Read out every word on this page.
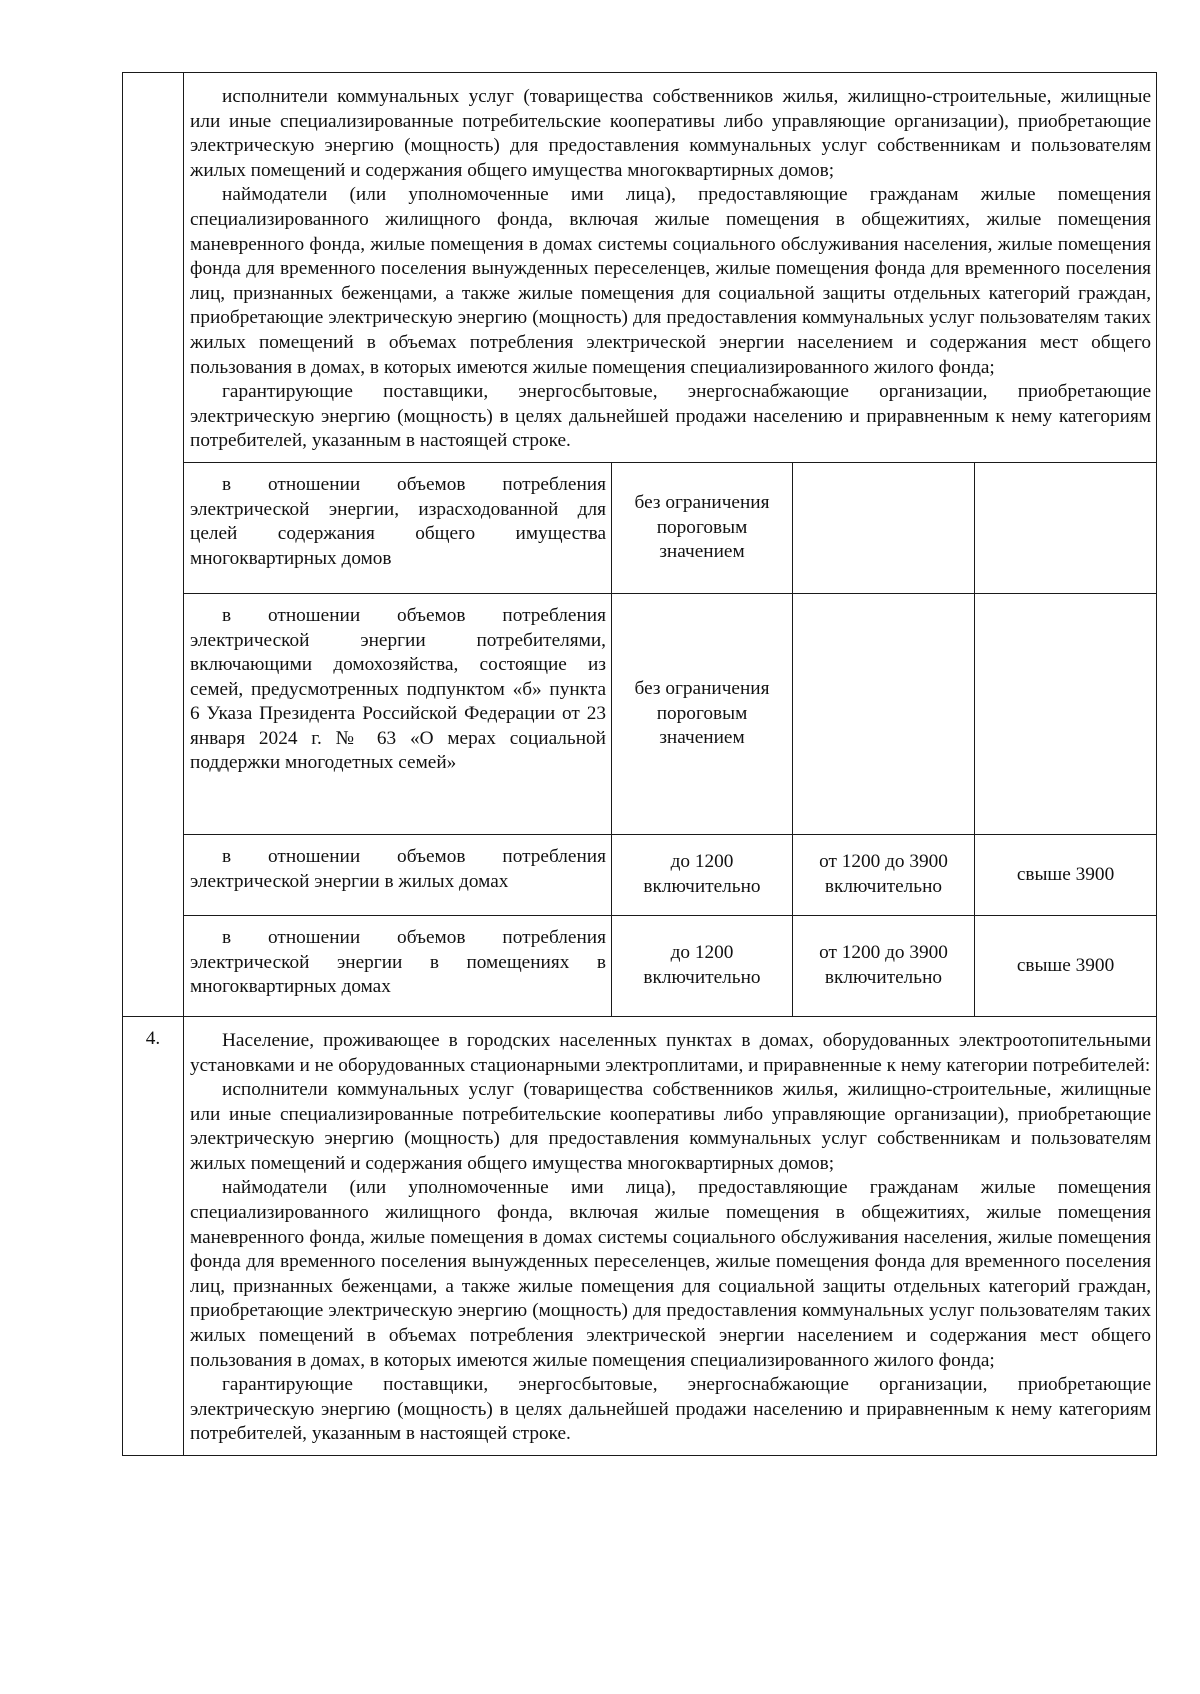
	исполнители коммунальных услуг (товарищества собственников жилья, жилищно-строительные, жилищные или иные специализированные потребительские кооперативы либо управляющие организации), приобретающие электрическую энергию (мощность) для предоставления коммунальных услуг собственникам и пользователям жилых помещений и содержания общего имущества многоквартирных домов;

наймодатели (или уполномоченные ими лица), предоставляющие гражданам жилые помещения специализированного жилищного фонда, включая жилые помещения в общежитиях, жилые помещения маневренного фонда, жилые помещения в домах системы социального обслуживания населения, жилые помещения фонда для временного поселения вынужденных переселенцев, жилые помещения фонда для временного поселения лиц, признанных беженцами, а также жилые помещения для социальной защиты отдельных категорий граждан, приобретающие электрическую энергию (мощность) для предоставления коммунальных услуг пользователям таких жилых помещений в объемах потребления электрической энергии населением и содержания мест общего пользования в домах, в которых имеются жилые помещения специализированного жилого фонда;

гарантирующие поставщики, энергосбытовые, энергоснабжающие организации, приобретающие электрическую энергию (мощность) в целях дальнейшей продажи населению и приравненным к нему категориям потребителей, указанным в настоящей строке.			

	в отношении объемов потребления электрической энергии, израсходованной для целей содержания общего имущества многоквартирных домов	без ограничения пороговым значением		

	в отношении объемов потребления электрической энергии потребителями, включающими домохозяйства, состоящие из семей, предусмотренных подпунктом «б» пункта 6 Указа Президента Российской Федерации от 23 января 2024 г. № 63 «О мерах социальной поддержки многодетных семей»	без ограничения пороговым значением		

	в отношении объемов потребления электрической энергии в жилых домах	до 1200 включительно	от 1200 до 3900 включительно	свыше 3900

	в отношении объемов потребления электрической энергии в помещениях в многоквартирных домах	до 1200 включительно	от 1200 до 3900 включительно	свыше 3900
4.	Население, проживающее в городских населенных пунктах в домах, оборудованных электроотопительными установками и не оборудованных стационарными электроплитами, и приравненные к нему категории потребителей:

исполнители коммунальных услуг (товарищества собственников жилья, жилищно-строительные, жилищные или иные специализированные потребительские кооперативы либо управляющие организации), приобретающие электрическую энергию (мощность) для предоставления коммунальных услуг собственникам и пользователям жилых помещений и содержания общего имущества многоквартирных домов;

наймодатели (или уполномоченные ими лица), предоставляющие гражданам жилые помещения специализированного жилищного фонда, включая жилые помещения в общежитиях, жилые помещения маневренного фонда, жилые помещения в домах системы социального обслуживания населения, жилые помещения фонда для временного поселения вынужденных переселенцев, жилые помещения фонда для временного поселения лиц, признанных беженцами, а также жилые помещения для социальной защиты отдельных категорий граждан, приобретающие электрическую энергию (мощность) для предоставления коммунальных услуг пользователям таких жилых помещений в объемах потребления электрической энергии населением и содержания мест общего пользования в домах, в которых имеются жилые помещения специализированного жилого фонда;

гарантирующие поставщики, энергосбытовые, энергоснабжающие организации, приобретающие электрическую энергию (мощность) в целях дальнейшей продажи населению и приравненным к нему категориям потребителей, указанным в настоящей строке.			
